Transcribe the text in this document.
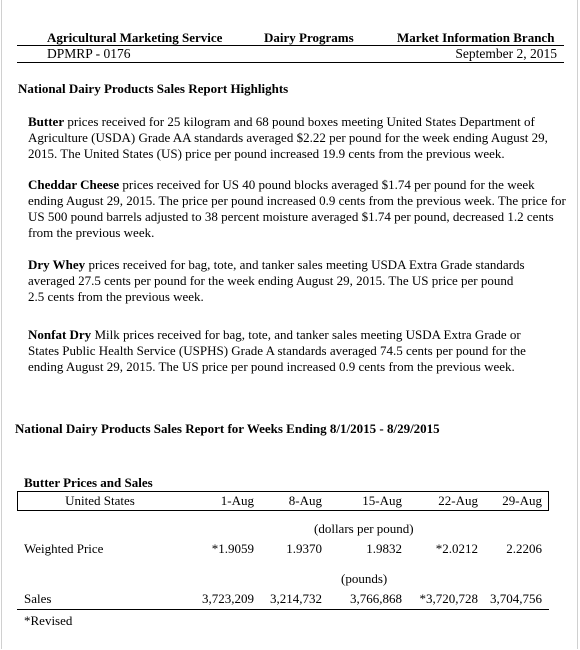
Agricultural Marketing Service	Dairy Programs	Market Information Branch
DPMRP - 0176	September 2, 2015
National Dairy Products Sales Report Highlights
Butter prices received for 25 kilogram and 68 pound boxes meeting United States Department of
Agriculture (USDA) Grade AA standards averaged $2.22 per pound for the week ending August 29,
2015. The United States (US) price per pound increased 19.9 cents from the previous week.
Cheddar Cheese prices received for US 40 pound blocks averaged $1.74 per pound for the week
ending August 29, 2015. The price per pound increased 0.9 cents from the previous week. The price for
US 500 pound barrels adjusted to 38 percent moisture averaged $1.74 per pound, decreased 1.2 cents
from the previous week.
Dry Whey prices received for bag, tote, and tanker sales meeting USDA Extra Grade standards
averaged 27.5 cents per pound for the week ending August 29, 2015. The US price per pound
2.5 cents from the previous week.
Nonfat Dry Milk prices received for bag, tote, and tanker sales meeting USDA Extra Grade or
States Public Health Service (USPHS) Grade A standards averaged 74.5 cents per pound for the
ending August 29, 2015. The US price per pound increased 0.9 cents from the previous week.
National Dairy Products Sales Report for Weeks Ending 8/1/2015 - 8/29/2015
Butter Prices and Sales
United States	1-Aug	8-Aug	15-Aug	22-Aug	29-Aug
(dollars per pound)
Weighted Price	*1.9059	1.9370	1.9832	*2.0212	2.2206
(pounds)
Sales	3,723,209	3,214,732	3,766,868	*3,720,728 3,704,756
*Revised
